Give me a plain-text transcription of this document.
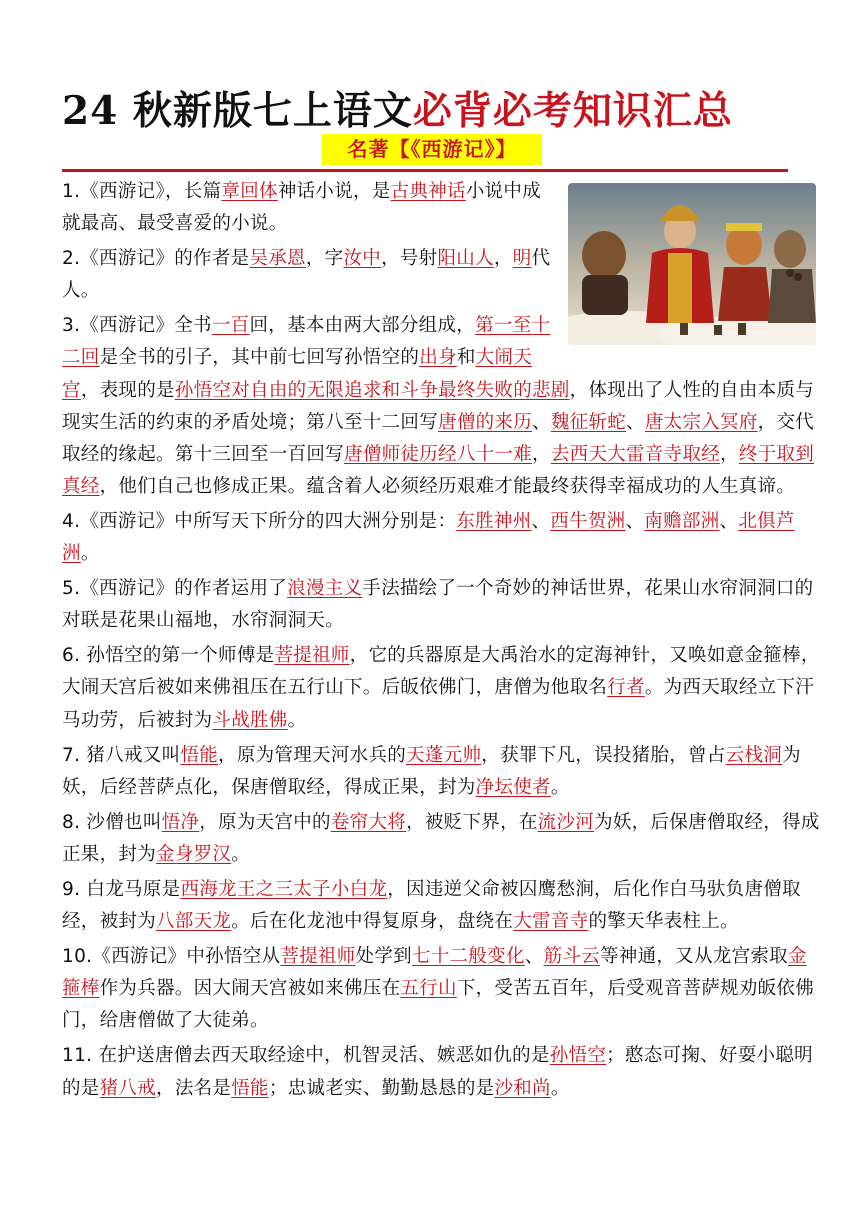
24 秋新版七上语文必背必考知识汇总
名著【《西游记》】
1.《西游记》，长篇章回体神话小说，是古典神话小说中成就最高、最受喜爱的小说。
2.《西游记》的作者是吴承恩，字汝中，号射阳山人，明代人。
3.《西游记》全书一百回，基本由两大部分组成，第一至十二回是全书的引子，其中前七回写孙悟空的出身和大闹天宫，表现的是孙悟空对自由的无限追求和斗争最终失败的悲剧，体现出了人性的自由本质与现实生活的约束的矛盾处境；第八至十二回写唐僧的来历、魏征斩蛇、唐太宗入冥府，交代取经的缘起。第十三回至一百回写唐僧师徒历经八十一难，去西天大雷音寺取经，终于取到真经，他们自己也修成正果。蕴含着人必须经历艰难才能最终获得幸福成功的人生真谛。
4.《西游记》中所写天下所分的四大洲分别是：东胜神州、西牛贺洲、南赡部洲、北俱芦洲。
5.《西游记》的作者运用了浪漫主义手法描绘了一个奇妙的神话世界，花果山水帘洞洞口的对联是花果山福地，水帘洞洞天。
6. 孙悟空的第一个师傅是菩提祖师，它的兵器原是大禹治水的定海神针，又唤如意金箍棒，大闹天宫后被如来佛祖压在五行山下。后皈依佛门，唐僧为他取名行者。为西天取经立下汗马功劳，后被封为斗战胜佛。
7. 猪八戒又叫悟能，原为管理天河水兵的天蓬元帅，获罪下凡，误投猪胎，曾占云栈洞为妖，后经菩萨点化，保唐僧取经，得成正果，封为净坛使者。
8. 沙僧也叫悟净，原为天宫中的卷帘大将，被贬下界，在流沙河为妖，后保唐僧取经，得成正果，封为金身罗汉。
9. 白龙马原是西海龙王之三太子小白龙，因违逆父命被囚鹰愁涧，后化作白马驮负唐僧取经，被封为八部天龙。后在化龙池中得复原身，盘绕在大雷音寺的擎天华表柱上。
10.《西游记》中孙悟空从菩提祖师处学到七十二般变化、筋斗云等神通，又从龙宫索取金箍棒作为兵器。因大闹天宫被如来佛压在五行山下，受苦五百年，后受观音菩萨规劝皈依佛门，给唐僧做了大徒弟。
11. 在护送唐僧去西天取经途中，机智灵活、嫉恶如仇的是孙悟空；憨态可掬、好耍小聪明的是猪八戒，法名是悟能；忠诚老实、勤勤恳恳的是沙和尚。
